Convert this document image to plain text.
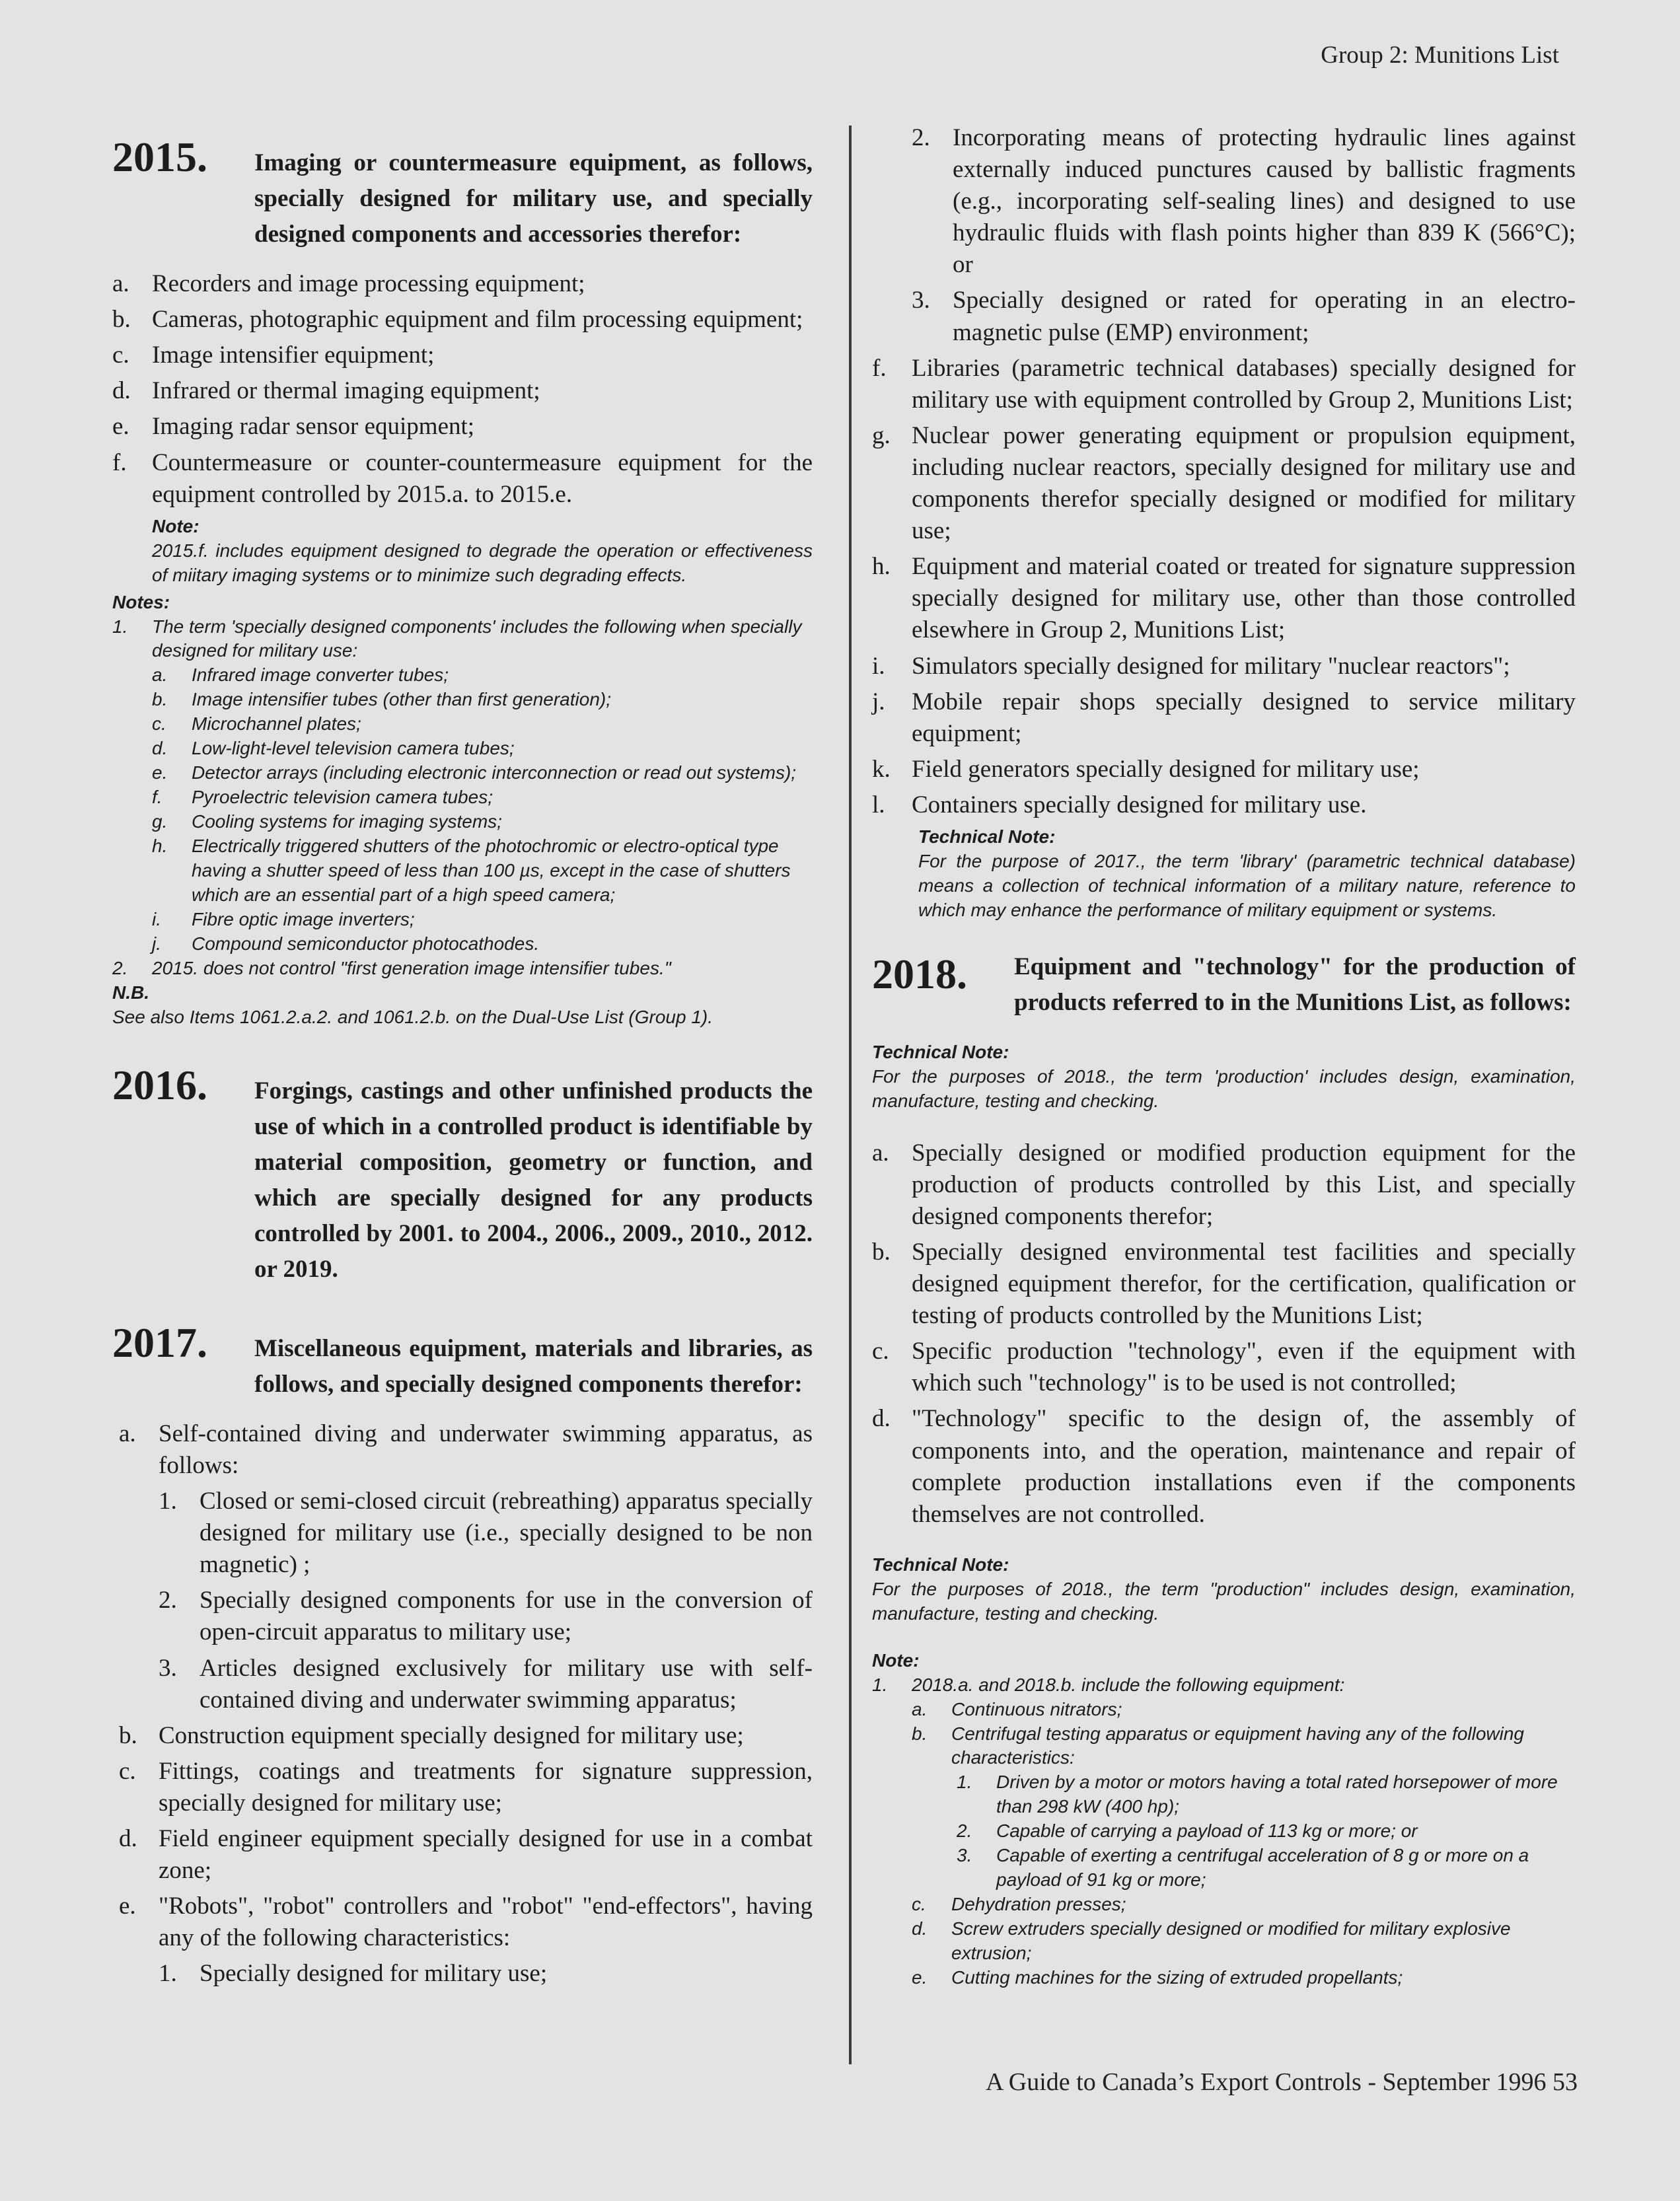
Group 2: Munitions List
2015.	Imaging or countermeasure equipment, as follows, specially designed for military use, and specially designed components and accessories therefor:
a. Recorders and image processing equipment;
b. Cameras, photographic equipment and film processing equipment;
c. Image intensifier equipment;
d. Infrared or thermal imaging equipment;
e. Imaging radar sensor equipment;
f.	Countermeasure or counter-countermeasure equipment for the equipment controlled by 2015.a. to 2015.e.
Note:
2015.f. includes equipment designed to degrade the operation or effectiveness of miitary imaging systems or to minimize such degrading effects.
Notes:
1.	The term 'specially designed components' includes the following when specially designed for military use:
a.	Infrared image converter tubes;
b.	Image intensifier tubes (other than first generation);
c.	Microchannel plates;
d.	Low-light-level television camera tubes;
e.	Detector arrays (including electronic interconnection or read out systems);
f.	Pyroelectric television camera tubes;
g.	Cooling systems for imaging systems;
h.	Electrically triggered shutters of the photochromic or electro-optical type having a shutter speed of less than 100 µs, except in the case of shutters which are an essential part of a high speed camera;
i.	Fibre optic image inverters;
j.	Compound semiconductor photocathodes.
2.	2015. does not control "first generation image intensifier tubes."
N.B.
See also Items 1061.2.a.2. and 1061.2.b. on the Dual-Use List (Group 1).
2016.	Forgings, castings and other unfinished products the use of which in a controlled product is identifiable by material composition, geometry or function, and which are specially designed for any products controlled by 2001. to 2004., 2006., 2009., 2010., 2012. or 2019.
2017.	Miscellaneous equipment, materials and libraries, as follows, and specially designed components therefor:
a. Self-contained diving and underwater swimming apparatus, as follows:
1. Closed or semi-closed circuit (rebreathing) apparatus specially designed for military use (i.e., specially designed to be non magnetic) ;
2. Specially designed components for use in the conversion of open-circuit apparatus to military use;
3. Articles designed exclusively for military use with self-contained diving and underwater swimming apparatus;
b. Construction equipment specially designed for military use;
c. Fittings, coatings and treatments for signature suppression, specially designed for military use;
d. Field engineer equipment specially designed for use in a combat zone;
e. "Robots", "robot" controllers and "robot" "end-effectors", having any of the following characteristics:
1. Specially designed for military use;
2. Incorporating means of protecting hydraulic lines against externally induced punctures caused by ballistic fragments (e.g., incorporating self-sealing lines) and designed to use hydraulic fluids with flash points higher than 839 K (566°C); or
3. Specially designed or rated for operating in an electro-magnetic pulse (EMP) environment;
f.	Libraries (parametric technical databases) specially designed for military use with equipment controlled by Group 2, Munitions List;
g. Nuclear power generating equipment or propulsion equipment, including nuclear reactors, specially designed for military use and components therefor specially designed or modified for military use;
h. Equipment and material coated or treated for signature suppression specially designed for military use, other than those controlled elsewhere in Group 2, Munitions List;
i.	Simulators specially designed for military "nuclear reactors";
j.	Mobile repair shops specially designed to service military equipment;
k. Field generators specially designed for military use;
l.	Containers specially designed for military use.
Technical Note:
For the purpose of 2017., the term 'library' (parametric technical database) means a collection of technical information of a military nature, reference to which may enhance the performance of military equipment or systems.
2018.	Equipment and "technology" for the production of products referred to in the Munitions List, as follows:
Technical Note:
For the purposes of 2018., the term 'production' includes design, examination, manufacture, testing and checking.
a. Specially designed or modified production equipment for the production of products controlled by this List, and specially designed components therefor;
b. Specially designed environmental test facilities and specially designed equipment therefor, for the certification, qualification or testing of products controlled by the Munitions List;
c. Specific production "technology", even if the equipment with which such "technology" is to be used is not controlled;
d. "Technology" specific to the design of, the assembly of components into, and the operation, maintenance and repair of complete production installations even if the components themselves are not controlled.
Technical Note:
For the purposes of 2018., the term "production" includes design, examination, manufacture, testing and checking.
Note:
1.	2018.a. and 2018.b. include the following equipment:
a.	Continuous nitrators;
b.	Centrifugal testing apparatus or equipment having any of the following characteristics:
1.	Driven by a motor or motors having a total rated horsepower of more than 298 kW (400 hp);
2.	Capable of carrying a payload of 113 kg or more; or
3.	Capable of exerting a centrifugal acceleration of 8 g or more on a payload of 91 kg or more;
c.	Dehydration presses;
d.	Screw extruders specially designed or modified for military explosive extrusion;
e.	Cutting machines for the sizing of extruded propellants;
A Guide to Canada’s Export Controls - September 1996 53
